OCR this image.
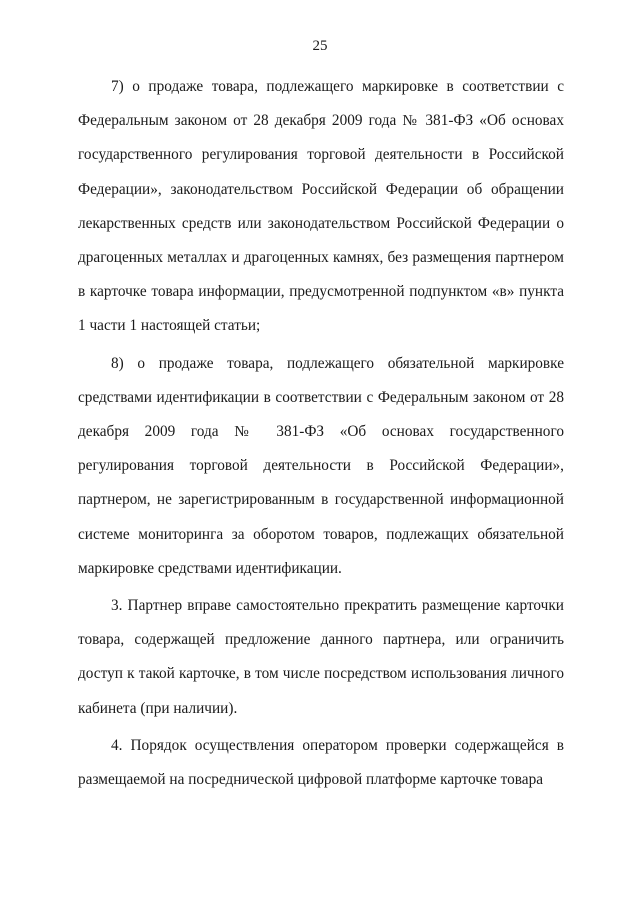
25

7) о продаже товара, подлежащего маркировке в соответствии с Федеральным законом от 28 декабря 2009 года № 381-ФЗ «Об основах государственного регулирования торговой деятельности в Российской Федерации», законодательством Российской Федерации об обращении лекарственных средств или законодательством Российской Федерации о драгоценных металлах и драгоценных камнях, без размещения партнером в карточке товара информации, предусмотренной подпунктом «в» пункта 1 части 1 настоящей статьи;

8) о продаже товара, подлежащего обязательной маркировке средствами идентификации в соответствии с Федеральным законом от 28 декабря 2009 года № 381-ФЗ «Об основах государственного регулирования торговой деятельности в Российской Федерации», партнером, не зарегистрированным в государственной информационной системе мониторинга за оборотом товаров, подлежащих обязательной маркировке средствами идентификации.

3. Партнер вправе самостоятельно прекратить размещение карточки товара, содержащей предложение данного партнера, или ограничить доступ к такой карточке, в том числе посредством использования личного кабинета (при наличии).

4. Порядок осуществления оператором проверки содержащейся в размещаемой на посреднической цифровой платформе карточке товара
